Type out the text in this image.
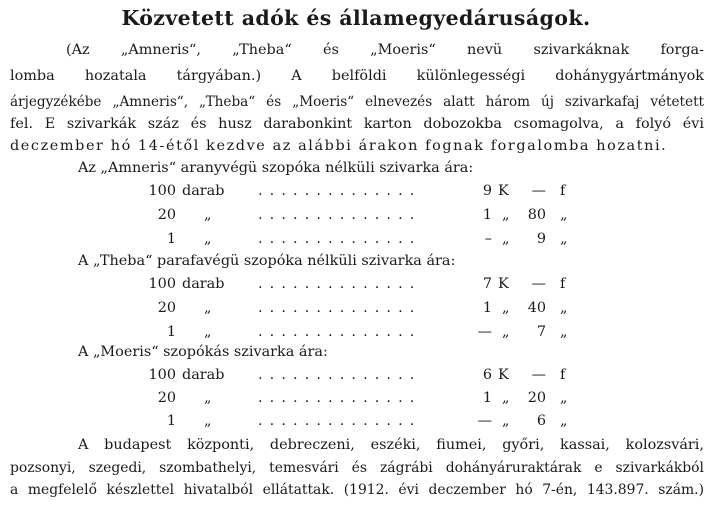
Közvetett adók és államegyedáruságok.
(Az „Amneris“, „Theba“ és „Moeris“ nevü szivarkáknak forga-
lomba hozatala tárgyában.) A belföldi különlegességi dohánygyártmányok
árjegyzékébe „Amneris“, „Theba“ és „Moeris“ elnevezés alatt három új szivarkafaj vétetett
fel. E szivarkák száz és husz darabonkint karton dobozokba csomagolva, a folyó évi
deczember hó 14-étől kezdve az alábbi árakon fognak forgalomba hozatni.
Az „Amneris“ aranyvégü szopóka nélküli szivarka ára:
100 darab ..............	9 K	— f
20 „	..............	1 „	80 „
1 „	..............	– „	9 „
A „Theba“ parafavégü szopóka nélküli szivarka ára:
100 darab ..............	7 K	— f
20 „	..............	1 „	40 „
1 „	..............	— „	7 „
A „Moeris“ szopókás szivarka ára:
100 darab ..............	6 K	— f
20 „	..............	1 „	20 „
1 „	..............	— „	6 „
A budapest központi, debreczeni, eszéki, fiumei, győri, kassai, kolozsvári,
pozsonyi, szegedi, szombathelyi, temesvári és zágrábi dohányáruraktárak e szivarkákból
a megfelelő készlettel hivatalból ellátattak. (1912. évi deczember hó 7-én, 143.897. szám.)
